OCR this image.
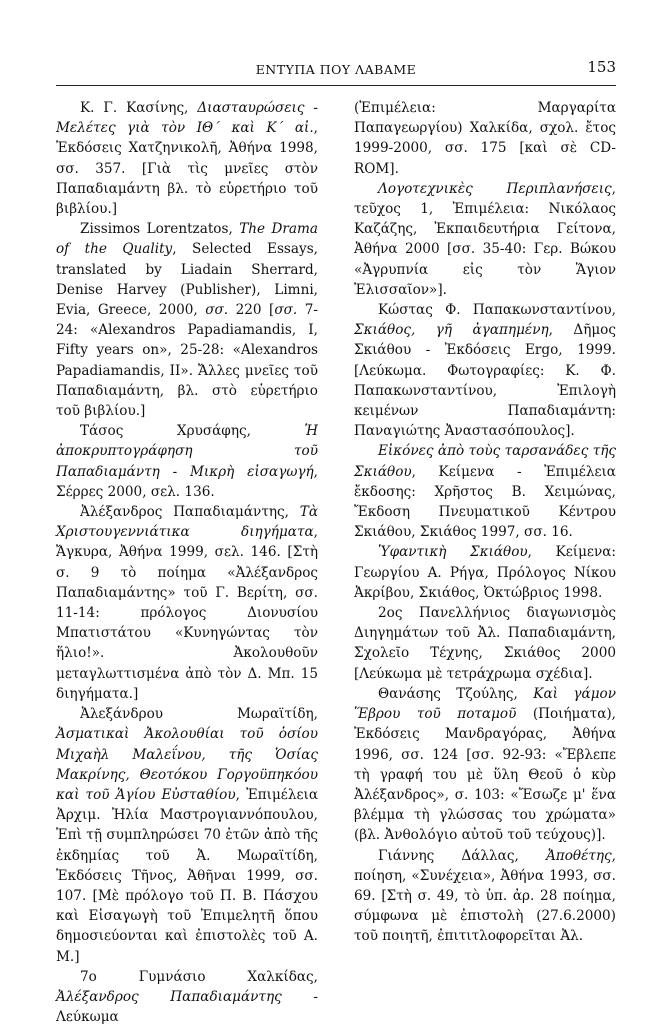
ΕΝΤΥΠΑ ΠΟΥ ΛΑΒΑΜΕ	153

Κ. Γ. Κασίνης, Διασταυρώσεις - Μελέτες γιὰ τὸν ΙΘ΄ καὶ Κ΄ αἰ., Ἐκδόσεις Χατζηνικολῆ, Ἀθήνα 1998, σσ. 357. [Γιὰ τὶς μνεῖες στὸν Παπαδιαμάντη βλ. τὸ εὑρετήριο τοῦ βιβλίου.]

Zissimos Lorentzatos, The Drama of the Quality, Selected Essays, translated by Liadain Sherrard, Denise Harvey (Publisher), Limni, Evia, Greece, 2000, σσ. 220 [σσ. 7-24: «Alexandros Papadiamandis, I, Fifty years on», 25-28: «Alexandros Papadiamandis, II». Ἄλλες μνεῖες τοῦ Παπαδιαμάντη, βλ. στὸ εὑρετήριο τοῦ βιβλίου.]

Τάσος Χρυσάφης, Ἡ ἀποκρυπτογράφηση τοῦ Παπαδιαμάντη - Μικρὴ εἰσαγωγή, Σέρρες 2000, σελ. 136.

Ἀλέξανδρος Παπαδιαμάντης, Τὰ Χριστουγεννιάτικα διηγήματα, Ἄγκυρα, Ἀθήνα 1999, σελ. 146. [Στὴ σ. 9 τὸ ποίημα «Ἀλέξανδρος Παπαδιαμάντης» τοῦ Γ. Βερίτη, σσ. 11-14: πρόλογος Διονυσίου Μπατιστάτου «Κυνηγώντας τὸν ἥλιο!». Ἀκολουθοῦν μεταγλωττισμένα ἀπὸ τὸν Δ. Μπ. 15 διηγήματα.]

Ἀλεξάνδρου Μωραϊτίδη, Ἀσματικαὶ Ἀκολουθίαι τοῦ ὁσίου Μιχαὴλ Μαλεΐνου, τῆς Ὁσίας Μακρίνης, Θεοτόκου Γοργοϋπηκόου καὶ τοῦ Ἁγίου Εὐσταθίου, Ἐπιμέλεια Ἀρχιμ. Ἠλία Μαστρογιαννόπουλου, Ἐπὶ τῇ συμπληρώσει 70 ἐτῶν ἀπὸ τῆς ἐκδημίας τοῦ Ἀ. Μωραϊτίδη, Ἐκδόσεις Τῆνος, Ἀθῆναι 1999, σσ. 107. [Μὲ πρόλογο τοῦ Π. Β. Πάσχου καὶ Εἰσαγωγὴ τοῦ Ἐπιμελητῆ ὅπου δημοσιεύονται καὶ ἐπιστολὲς τοῦ Α. Μ.]

7ο Γυμνάσιο Χαλκίδας, Ἀλέξανδρος Παπαδιαμάντης - Λεύκωμα

(Ἐπιμέλεια: Μαργαρίτα Παπαγεωργίου) Χαλκίδα, σχολ. ἔτος 1999-2000, σσ. 175 [καὶ σὲ CD-ROM].

Λογοτεχνικὲς Περιπλανήσεις, τεῦχος 1, Ἐπιμέλεια: Νικόλαος Καζάζης, Ἐκπαιδευτήρια Γείτονα, Ἀθήνα 2000 [σσ. 35-40: Γερ. Βώκου «Ἀγρυπνία εἰς τὸν Ἅγιον Ἐλισσαῖον»].

Κώστας Φ. Παπακωνσταντίνου, Σκιάθος, γῆ ἀγαπημένη, Δῆμος Σκιάθου - Ἐκδόσεις Ergo, 1999. [Λεύκωμα. Φωτογραφίες: Κ. Φ. Παπακωνσταντίνου, Ἐπιλογὴ κειμένων Παπαδιαμάντη: Παναγιώτης Ἀναστασόπουλος].

Εἰκόνες ἀπὸ τοὺς ταρσανάδες τῆς Σκιάθου, Κείμενα - Ἐπιμέλεια ἔκδοσης: Χρῆστος Β. Χειμώνας, Ἔκδοση Πνευματικοῦ Κέντρου Σκιάθου, Σκιάθος 1997, σσ. 16.

Ὑφαντικὴ Σκιάθου, Κείμενα: Γεωργίου Α. Ρήγα, Πρόλογος Νίκου Ἀκρίβου, Σκιάθος, Ὀκτώβριος 1998.

2ος Πανελλήνιος διαγωνισμὸς Διηγημάτων τοῦ Ἀλ. Παπαδιαμάντη, Σχολεῖο Τέχνης, Σκιάθος 2000 [Λεύκωμα μὲ τετράχρωμα σχέδια].

Θανάσης Τζούλης, Καὶ γάμον Ἕβρου τοῦ ποταμοῦ (Ποιήματα), Ἐκδόσεις Μανδραγόρας, Ἀθήνα 1996, σσ. 124 [σσ. 92-93: «Ἔβλεπε τὴ γραφή του μὲ ὕλη Θεοῦ ὁ κὺρ Ἀλέξανδρος», σ. 103: «Ἔσωζε μ' ἕνα βλέμμα τὴ γλώσσας του χρώματα» (βλ. Ἀνθολόγιο αὐτοῦ τοῦ τεύχους)].

Γιάννης Δάλλας, Ἀποθέτης, ποίηση, «Συνέχεια», Ἀθήνα 1993, σσ. 69. [Στὴ σ. 49, τὸ ὑπ. ἀρ. 28 ποίημα, σύμφωνα μὲ ἐπιστολὴ (27.6.2000) τοῦ ποιητῆ, ἐπιτιτλοφορεῖται Ἀλ.
